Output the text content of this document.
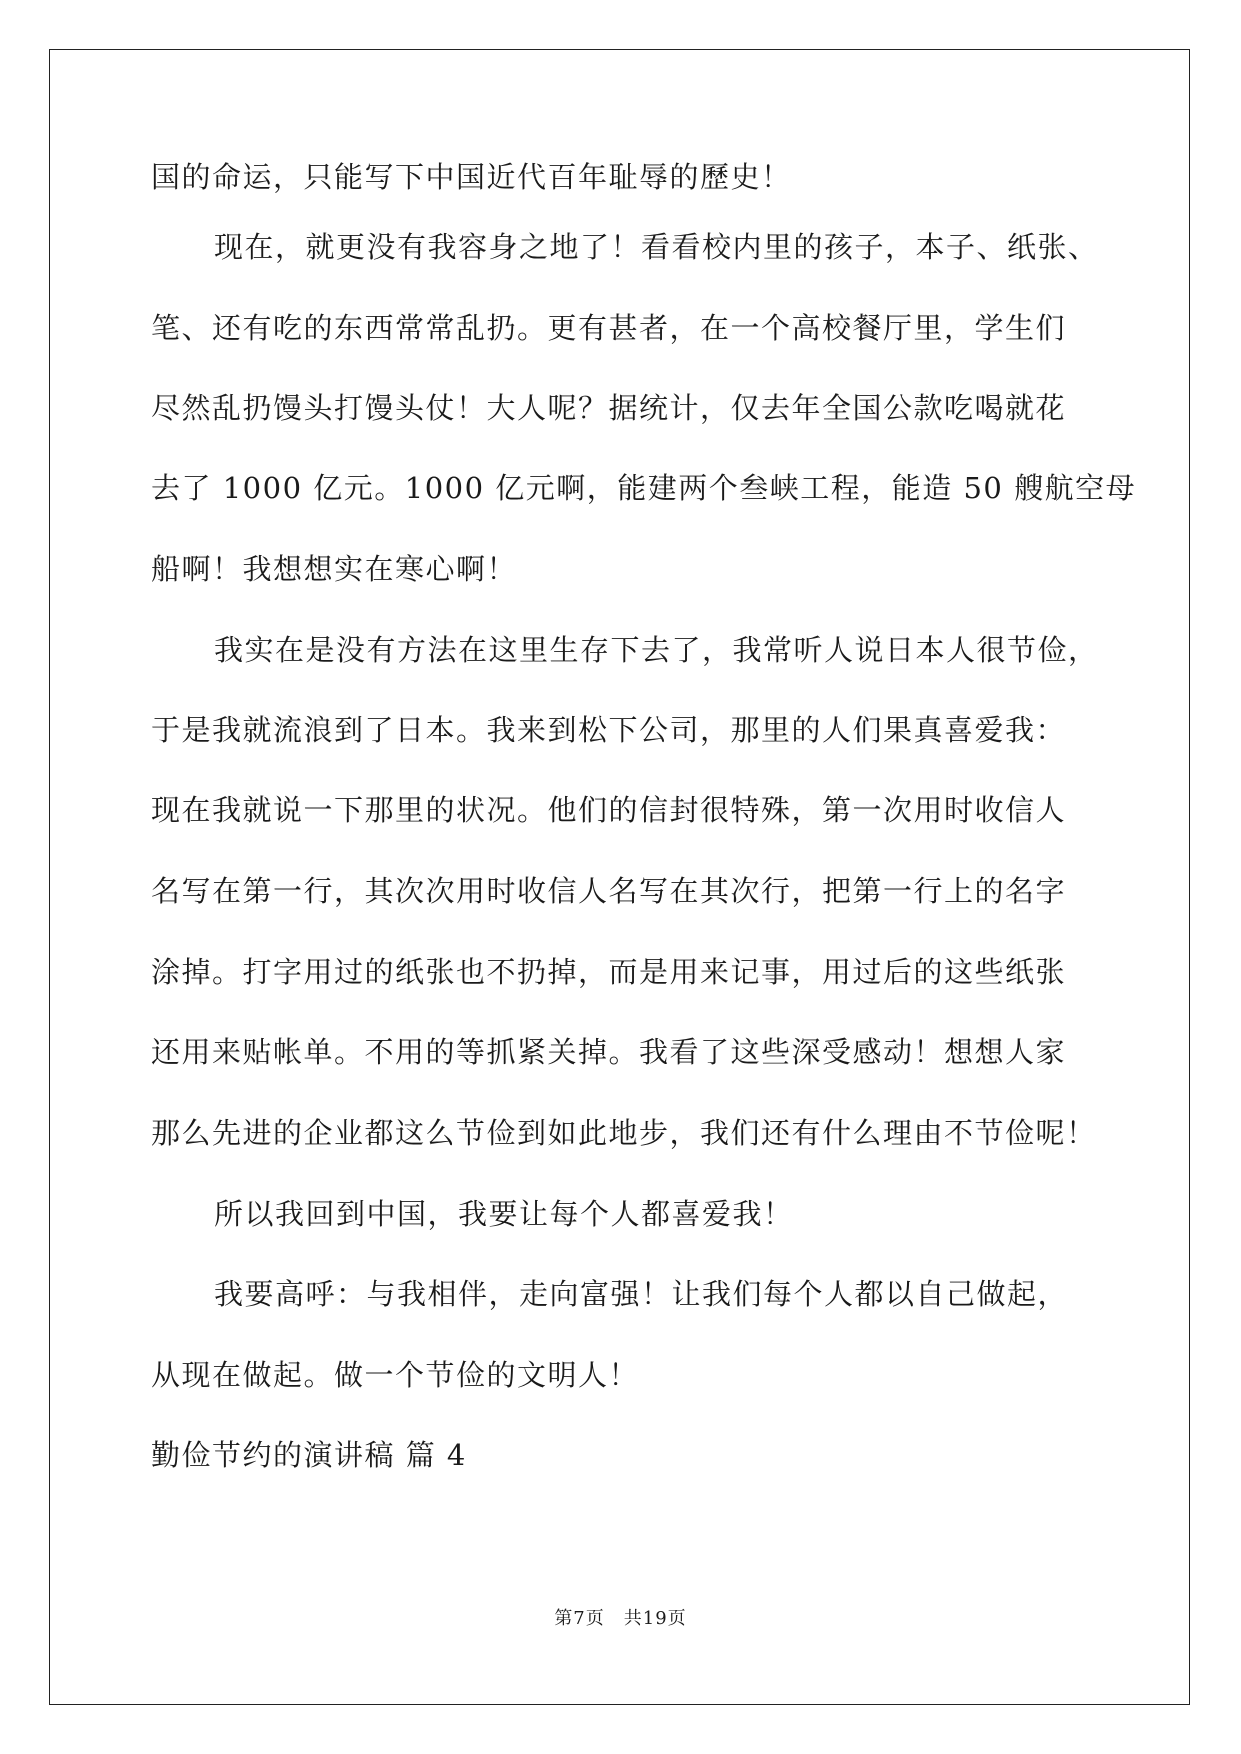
国的命运，只能写下中国近代百年耻辱的歷史！
现在，就更没有我容身之地了！看看校内里的孩子，本子、纸张、
笔、还有吃的东西常常乱扔。更有甚者，在一个高校餐厅里，学生们
尽然乱扔馒头打馒头仗！大人呢？据统计，仅去年全国公款吃喝就花
去了 1000 亿元。1000 亿元啊，能建两个叁峡工程，能造 50 艘航空母
船啊！我想想实在寒心啊！
我实在是没有方法在这里生存下去了，我常听人说日本人很节俭，
于是我就流浪到了日本。我来到松下公司，那里的人们果真喜爱我：
现在我就说一下那里的状况。他们的信封很特殊，第一次用时收信人
名写在第一行，其次次用时收信人名写在其次行，把第一行上的名字
涂掉。打字用过的纸张也不扔掉，而是用来记事，用过后的这些纸张
还用来贴帐单。不用的等抓紧关掉。我看了这些深受感动！想想人家
那么先进的企业都这么节俭到如此地步，我们还有什么理由不节俭呢！
所以我回到中国，我要让每个人都喜爱我！
我要高呼：与我相伴，走向富强！让我们每个人都以自己做起，
从现在做起。做一个节俭的文明人！
勤俭节约的演讲稿 篇 4
第7页　共19页
